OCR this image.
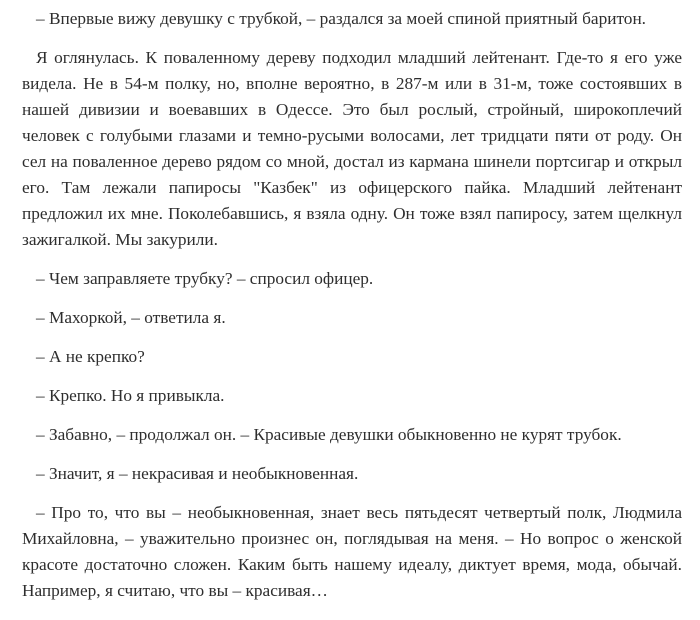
– Впервые вижу девушку с трубкой, – раздался за моей спиной приятный баритон.

Я оглянулась. К поваленному дереву подходил младший лейтенант. Где-то я его уже видела. Не в 54-м полку, но, вполне вероятно, в 287-м или в 31-м, тоже состоявших в нашей дивизии и воевавших в Одессе. Это был рослый, стройный, широкоплечий человек с голубыми глазами и темно-русыми волосами, лет тридцати пяти от роду. Он сел на поваленное дерево рядом со мной, достал из кармана шинели портсигар и открыл его. Там лежали папиросы "Казбек" из офицерского пайка. Младший лейтенант предложил их мне. Поколебавшись, я взяла одну. Он тоже взял папиросу, затем щелкнул зажигалкой. Мы закурили.

– Чем заправляете трубку? – спросил офицер.

– Махоркой, – ответила я.

– А не крепко?

– Крепко. Но я привыкла.

– Забавно, – продолжал он. – Красивые девушки обыкновенно не курят трубок.

– Значит, я – некрасивая и необыкновенная.

– Про то, что вы – необыкновенная, знает весь пятьдесят четвертый полк, Людмила Михайловна, – уважительно произнес он, поглядывая на меня. – Но вопрос о женской красоте достаточно сложен. Каким быть нашему идеалу, диктует время, мода, обычай. Например, я считаю, что вы – красивая…
